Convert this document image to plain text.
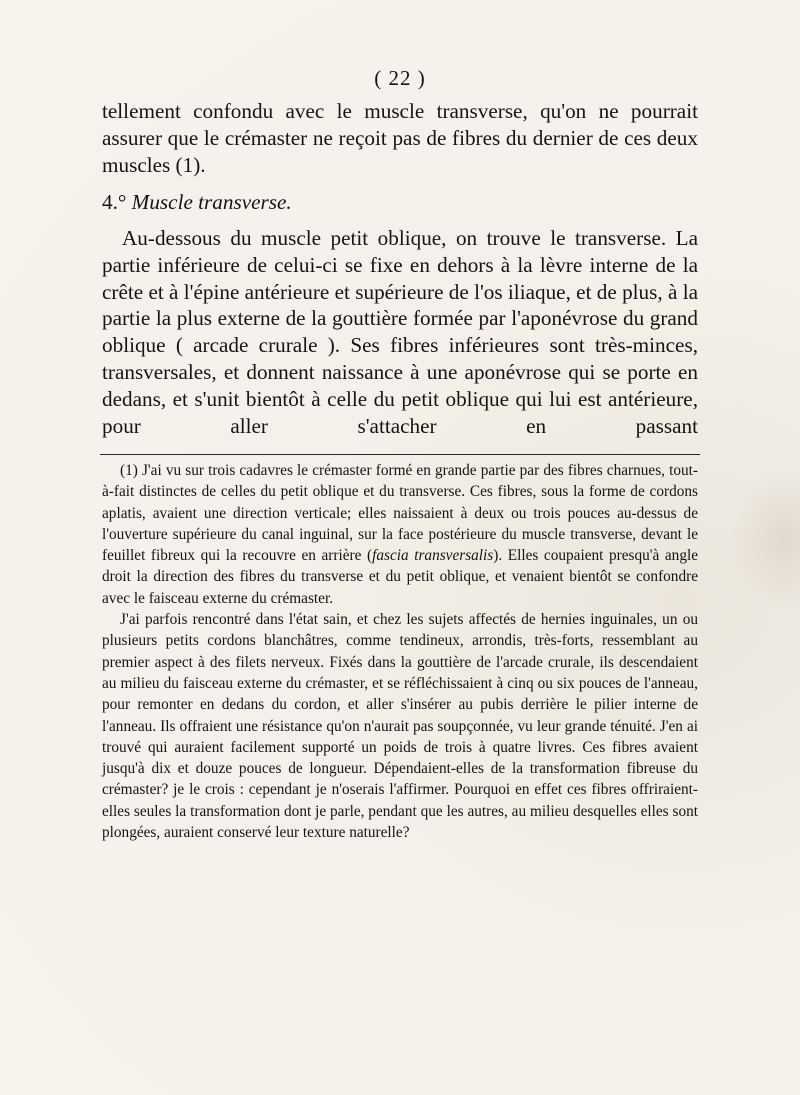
( 22 )

tellement confondu avec le muscle transverse, qu'on ne pourrait assurer que le crémaster ne reçoit pas de fibres du dernier de ces deux muscles (1).

4.° Muscle transverse.

Au-dessous du muscle petit oblique, on trouve le transverse. La partie inférieure de celui-ci se fixe en dehors à la lèvre interne de la crête et à l'épine antérieure et supérieure de l'os iliaque, et de plus, à la partie la plus externe de la gouttière formée par l'aponévrose du grand oblique ( arcade crurale ). Ses fibres inférieures sont très-minces, transversales, et donnent naissance à une aponévrose qui se porte en dedans, et s'unit bientôt à celle du petit oblique qui lui est antérieure, pour aller s'attacher en passant

(1) J'ai vu sur trois cadavres le crémaster formé en grande partie par des fibres charnues, tout-à-fait distinctes de celles du petit oblique et du transverse. Ces fibres, sous la forme de cordons aplatis, avaient une direction verticale; elles naissaient à deux ou trois pouces au-dessus de l'ouverture supérieure du canal inguinal, sur la face postérieure du muscle transverse, devant le feuillet fibreux qui la recouvre en arrière (fascia transversalis). Elles coupaient presqu'à angle droit la direction des fibres du transverse et du petit oblique, et venaient bientôt se confondre avec le faisceau externe du crémaster.

J'ai parfois rencontré dans l'état sain, et chez les sujets affectés de hernies inguinales, un ou plusieurs petits cordons blanchâtres, comme tendineux, arrondis, très-forts, ressemblant au premier aspect à des filets nerveux. Fixés dans la gouttière de l'arcade crurale, ils descendaient au milieu du faisceau externe du crémaster, et se réfléchissaient à cinq ou six pouces de l'anneau, pour remonter en dedans du cordon, et aller s'insérer au pubis derrière le pilier interne de l'anneau. Ils offraient une résistance qu'on n'aurait pas soupçonnée, vu leur grande ténuité. J'en ai trouvé qui auraient facilement supporté un poids de trois à quatre livres. Ces fibres avaient jusqu'à dix et douze pouces de longueur. Dépendaient-elles de la transformation fibreuse du crémaster? je le crois : cependant je n'oserais l'affirmer. Pourquoi en effet ces fibres offriraient-elles seules la transformation dont je parle, pendant que les autres, au milieu desquelles elles sont plongées, auraient conservé leur texture naturelle?
